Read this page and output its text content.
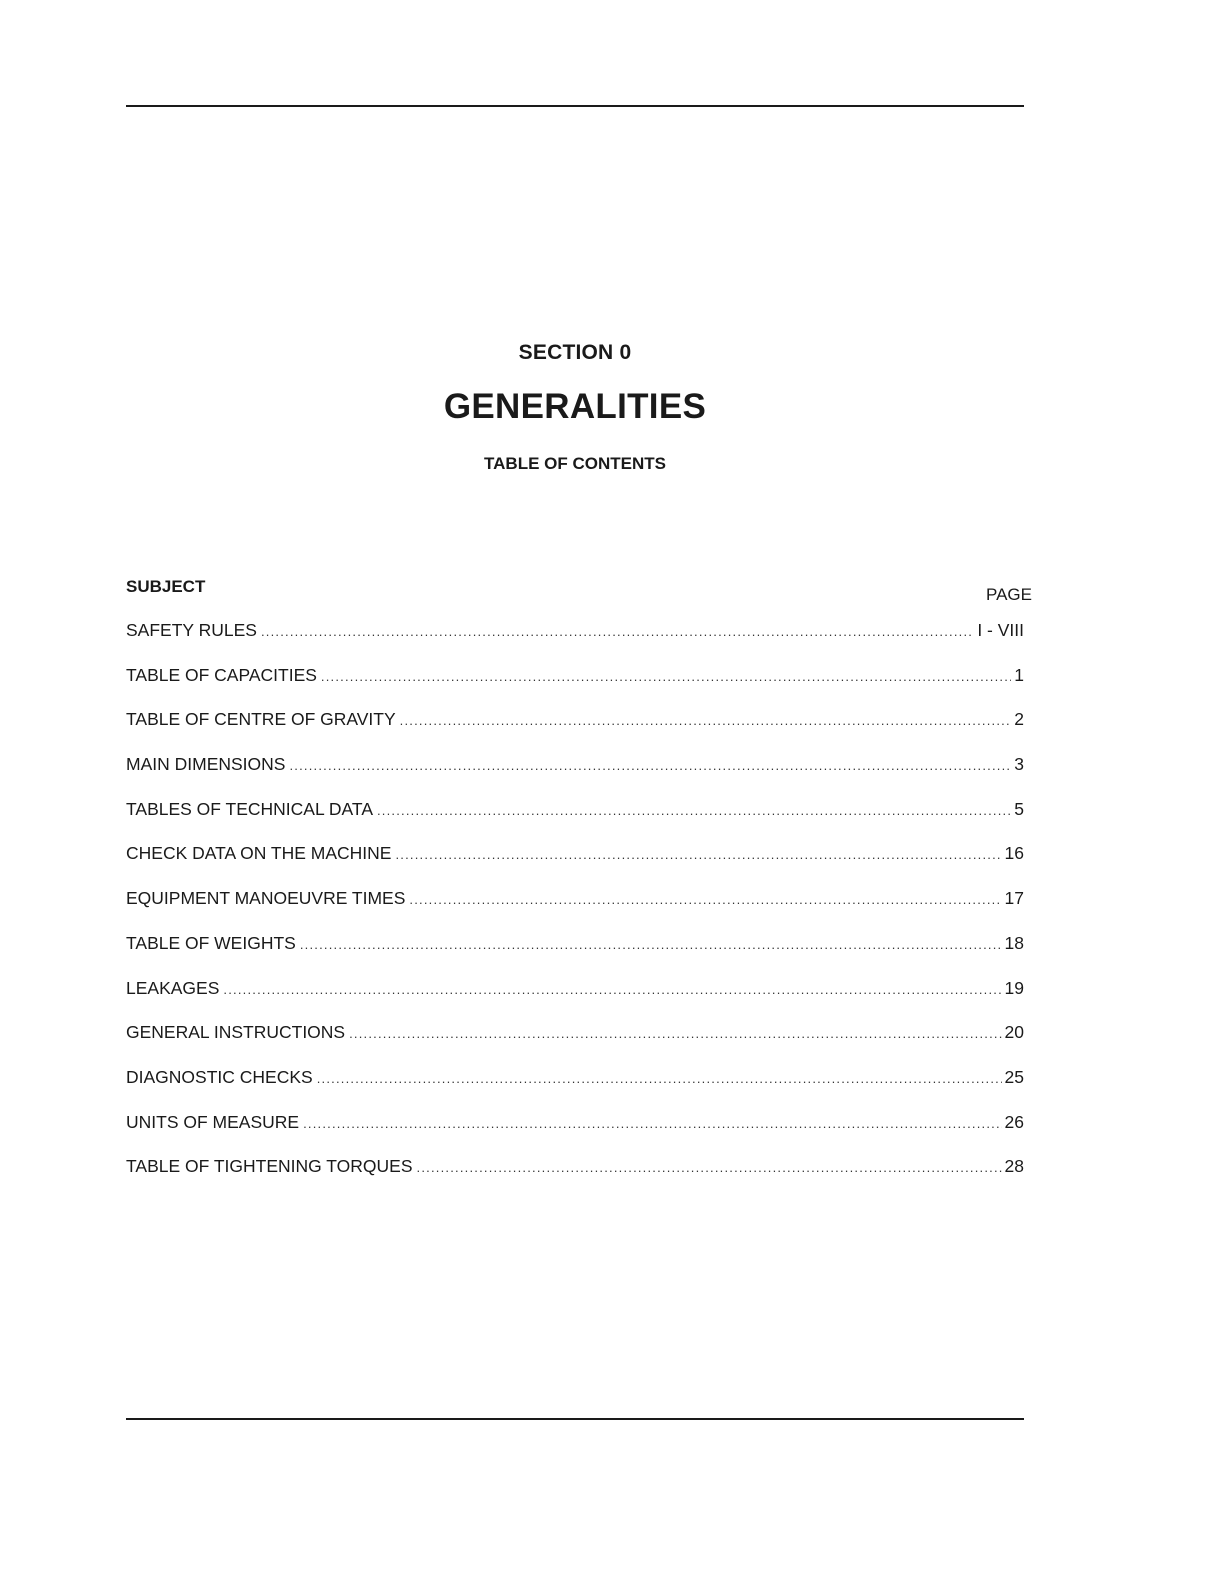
SECTION 0
GENERALITIES
TABLE OF CONTENTS
SUBJECT	PAGE
SAFETY RULES .....	I - VIII
TABLE OF CAPACITIES .....	1
TABLE OF CENTRE OF GRAVITY .....	2
MAIN DIMENSIONS .....	3
TABLES OF TECHNICAL DATA .....	5
CHECK DATA ON THE MACHINE .....	16
EQUIPMENT MANOEUVRE TIMES .....	17
TABLE OF WEIGHTS .....	18
LEAKAGES .....	19
GENERAL INSTRUCTIONS .....	20
DIAGNOSTIC CHECKS .....	25
UNITS OF MEASURE .....	26
TABLE OF TIGHTENING TORQUES .....	28
